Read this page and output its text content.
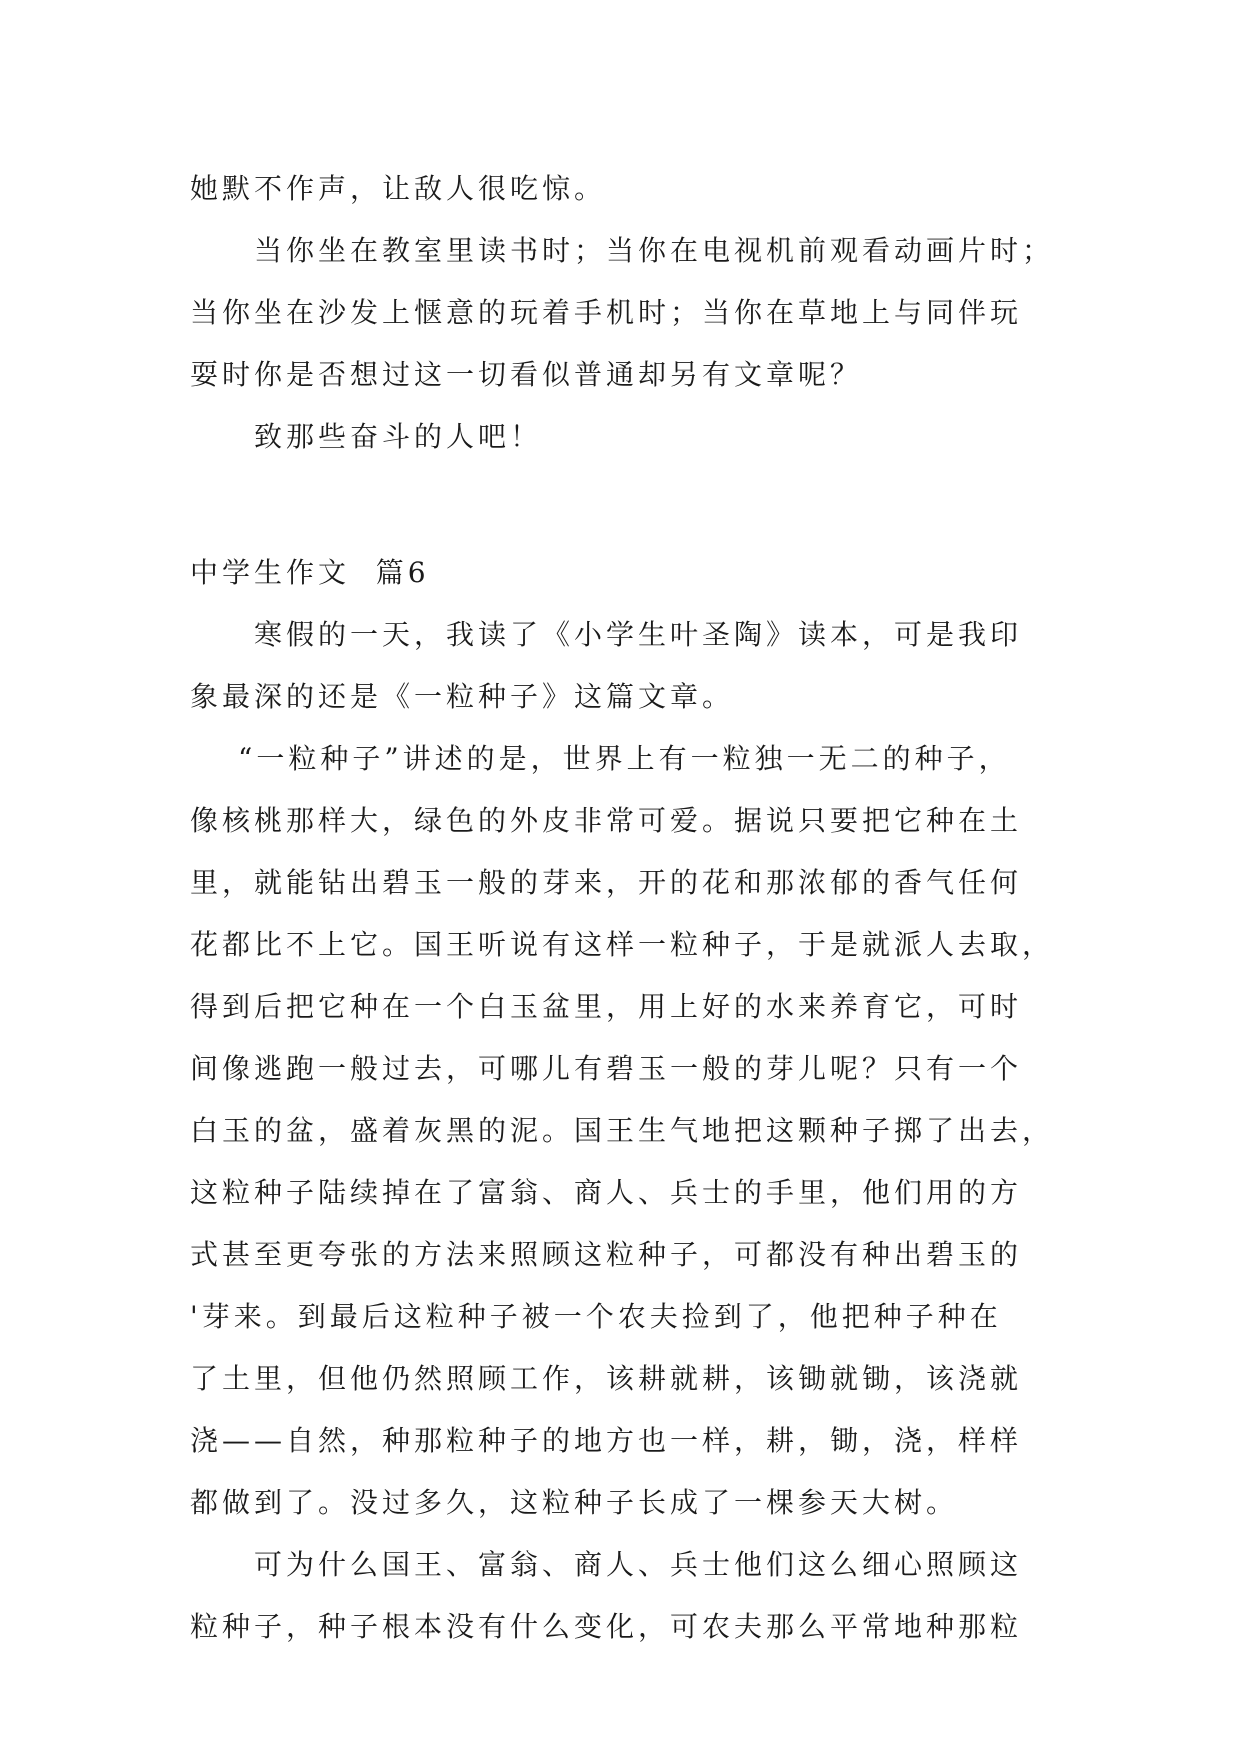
她默不作声，让敌人很吃惊。
当你坐在教室里读书时；当你在电视机前观看动画片时；
当你坐在沙发上惬意的玩着手机时；当你在草地上与同伴玩
耍时你是否想过这一切看似普通却另有文章呢？
致那些奋斗的人吧！
中学生作文  篇6
寒假的一天，我读了《小学生叶圣陶》读本，可是我印
象最深的还是《一粒种子》这篇文章。
“一粒种子”讲述的是，世界上有一粒独一无二的种子，
像核桃那样大，绿色的外皮非常可爱。据说只要把它种在土
里，就能钻出碧玉一般的芽来，开的花和那浓郁的香气任何
花都比不上它。国王听说有这样一粒种子，于是就派人去取，
得到后把它种在一个白玉盆里，用上好的水来养育它，可时
间像逃跑一般过去，可哪儿有碧玉一般的芽儿呢？只有一个
白玉的盆，盛着灰黑的泥。国王生气地把这颗种子掷了出去，
这粒种子陆续掉在了富翁、商人、兵士的手里，他们用的方
式甚至更夸张的方法来照顾这粒种子，可都没有种出碧玉的
'芽来。到最后这粒种子被一个农夫捡到了，他把种子种在
了土里，但他仍然照顾工作，该耕就耕，该锄就锄，该浇就
浇——自然，种那粒种子的地方也一样，耕，锄，浇，样样
都做到了。没过多久，这粒种子长成了一棵参天大树。
可为什么国王、富翁、商人、兵士他们这么细心照顾这
粒种子，种子根本没有什么变化，可农夫那么平常地种那粒
